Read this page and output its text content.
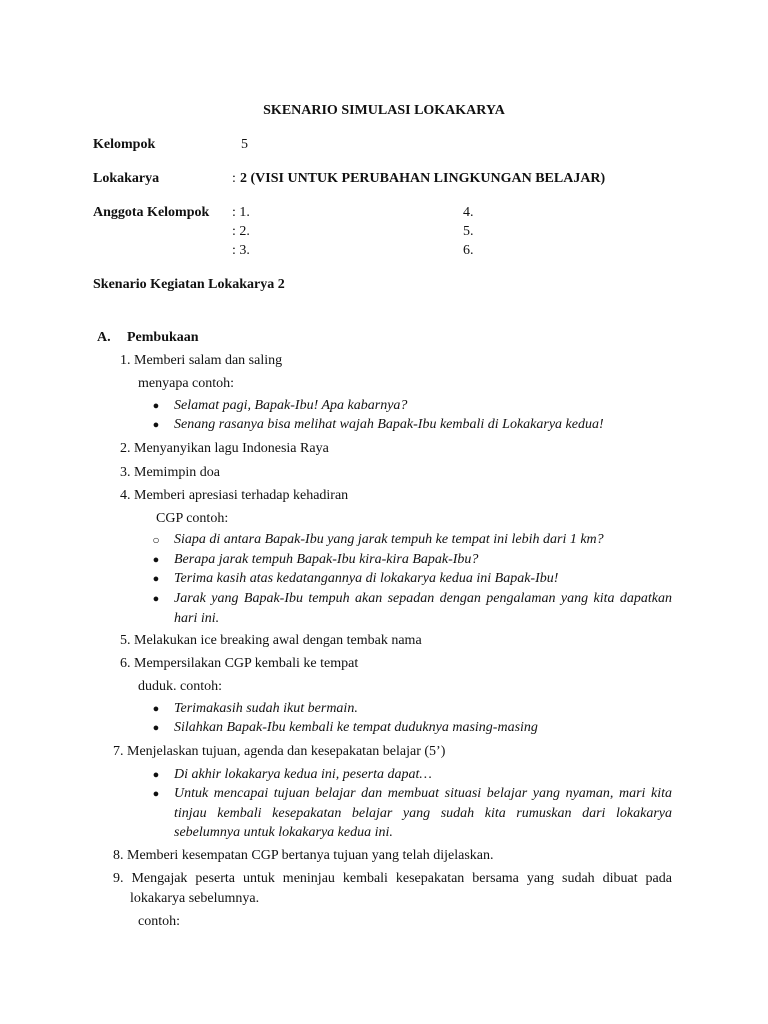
SKENARIO SIMULASI LOKAKARYA
Kelompok	5
Lokakarya	: 2 (VISI UNTUK PERUBAHAN LINGKUNGAN BELAJAR)
Anggota Kelompok : 1.
: 2.
: 3.
4.
5.
6.
Skenario Kegiatan Lokakarya 2
A. Pembukaan
1. Memberi salam dan saling
menyapa contoh:
● Selamat pagi, Bapak-Ibu! Apa kabarnya?
● Senang rasanya bisa melihat wajah Bapak-Ibu kembali di Lokakarya kedua!
2. Menyanyikan lagu Indonesia Raya
3. Memimpin doa
4. Memberi apresiasi terhadap kehadiran
CGP contoh:
○ Siapa di antara Bapak-Ibu yang jarak tempuh ke tempat ini lebih dari 1 km?
● Berapa jarak tempuh Bapak-Ibu kira-kira Bapak-Ibu?
● Terima kasih atas kedatangannya di lokakarya kedua ini Bapak-Ibu!
● Jarak yang Bapak-Ibu tempuh akan sepadan dengan pengalaman yang kita dapatkan hari ini.
5. Melakukan ice breaking awal dengan tembak nama
6. Mempersilakan CGP kembali ke tempat
duduk. contoh:
● Terimakasih sudah ikut bermain.
● Silahkan Bapak-Ibu kembali ke tempat duduknya masing-masing
7. Menjelaskan tujuan, agenda dan kesepakatan belajar (5’)
● Di akhir lokakarya kedua ini, peserta dapat…
● Untuk mencapai tujuan belajar dan membuat situasi belajar yang nyaman, mari kita tinjau kembali kesepakatan belajar yang sudah kita rumuskan dari lokakarya sebelumnya untuk lokakarya kedua ini.
8. Memberi kesempatan CGP bertanya tujuan yang telah dijelaskan.
9. Mengajak peserta untuk meninjau kembali kesepakatan bersama yang sudah dibuat pada lokakarya sebelumnya.
contoh:
